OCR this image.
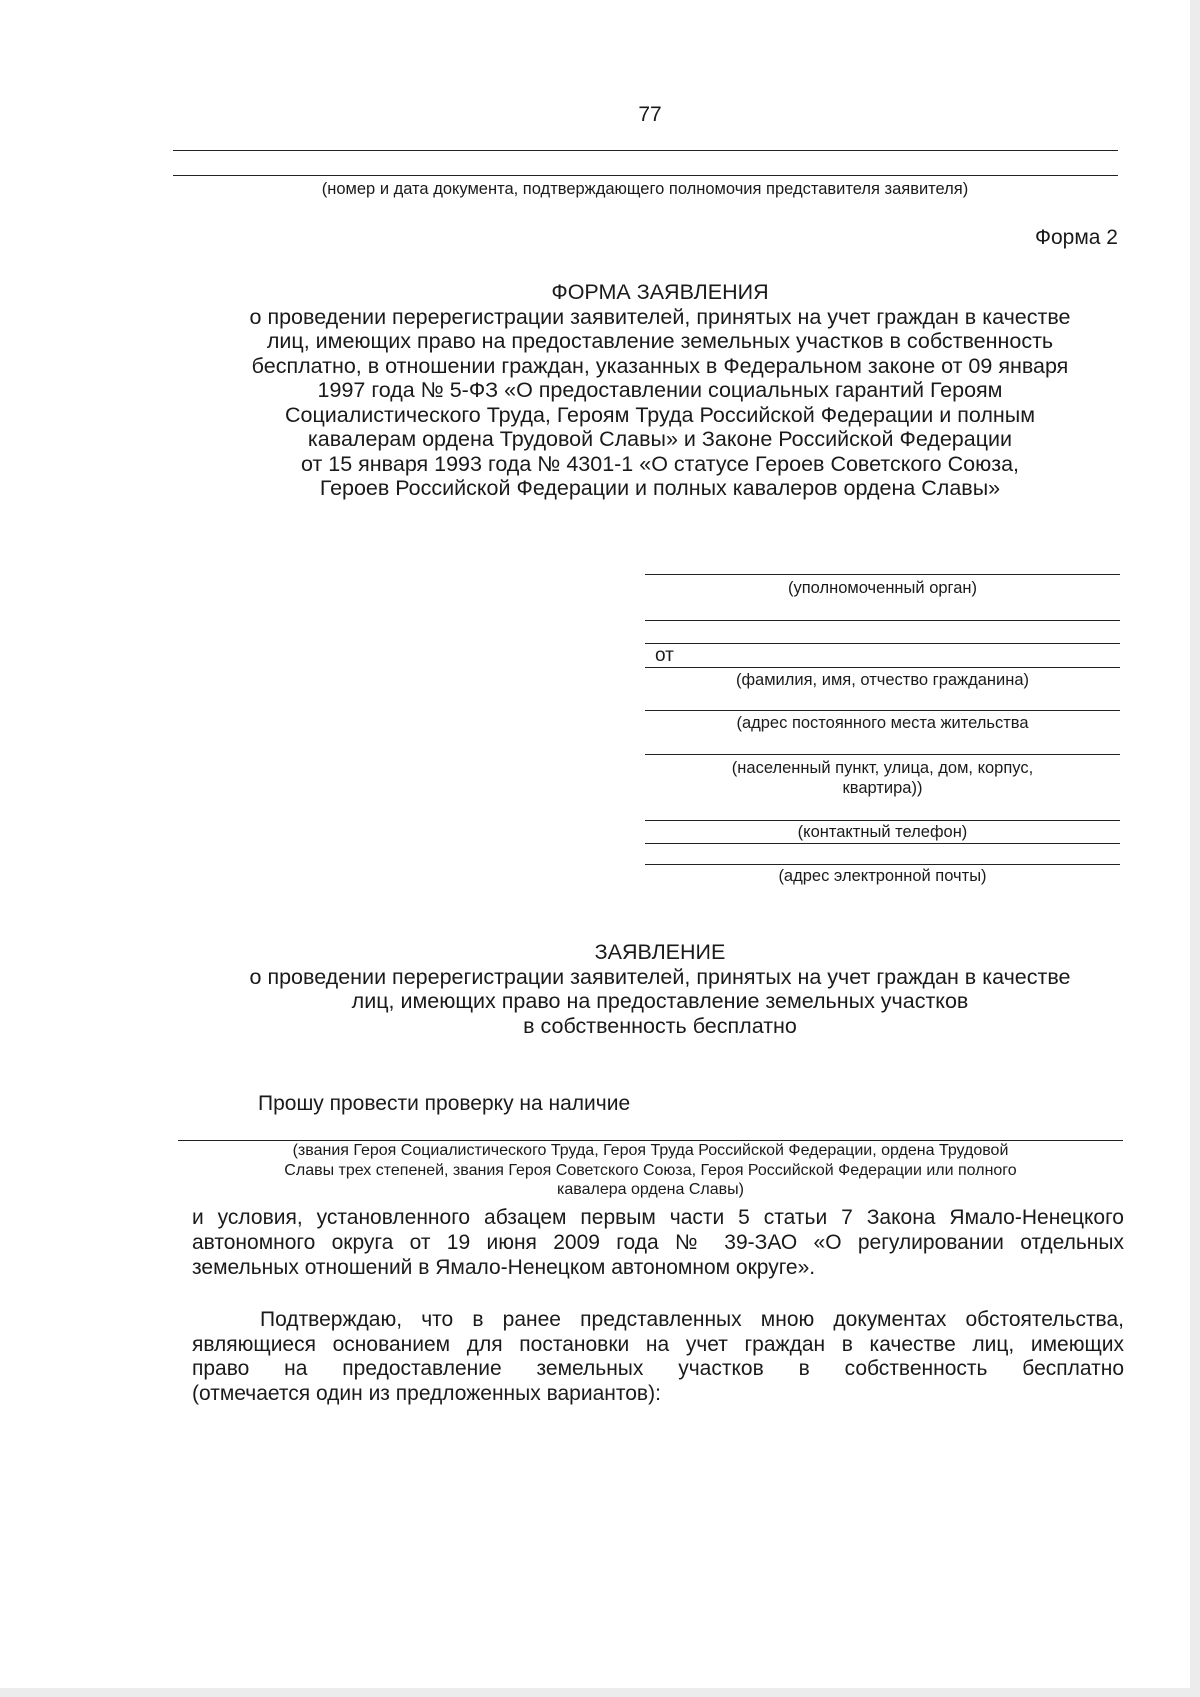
77
(номер и дата документа, подтверждающего полномочия представителя заявителя)
Форма 2
ФОРМА ЗАЯВЛЕНИЯ
о проведении перерегистрации заявителей, принятых на учет граждан в качестве
лиц, имеющих право на предоставление земельных участков в собственность
бесплатно, в отношении граждан, указанных в Федеральном законе от 09 января
1997 года № 5-ФЗ «О предоставлении социальных гарантий Героям
Социалистического Труда, Героям Труда Российской Федерации и полным
кавалерам ордена Трудовой Славы» и Законе Российской Федерации
от 15 января 1993 года № 4301-1 «О статусе Героев Советского Союза,
Героев Российской Федерации и полных кавалеров ордена Славы»
(уполномоченный орган)
от
(фамилия, имя, отчество гражданина)
(адрес постоянного места жительства
(населенный пункт, улица, дом, корпус,
квартира))
(контактный телефон)
(адрес электронной почты)
ЗАЯВЛЕНИЕ
о проведении перерегистрации заявителей, принятых на учет граждан в качестве
лиц, имеющих право на предоставление земельных участков
в собственность бесплатно
Прошу провести проверку на наличие
(звания Героя Социалистического Труда, Героя Труда Российской Федерации, ордена Трудовой
Славы трех степеней, звания Героя Советского Союза, Героя Российской Федерации или полного
кавалера ордена Славы)
и условия, установленного абзацем первым части 5 статьи 7 Закона Ямало-Ненецкого
автономного округа от 19 июня 2009 года № 39-ЗАО «О регулировании отдельных
земельных отношений в Ямало-Ненецком автономном округе».
Подтверждаю, что в ранее представленных мною документах обстоятельства,
являющиеся основанием для постановки на учет граждан в качестве лиц, имеющих
право на предоставление земельных участков в собственность бесплатно
(отмечается один из предложенных вариантов):
